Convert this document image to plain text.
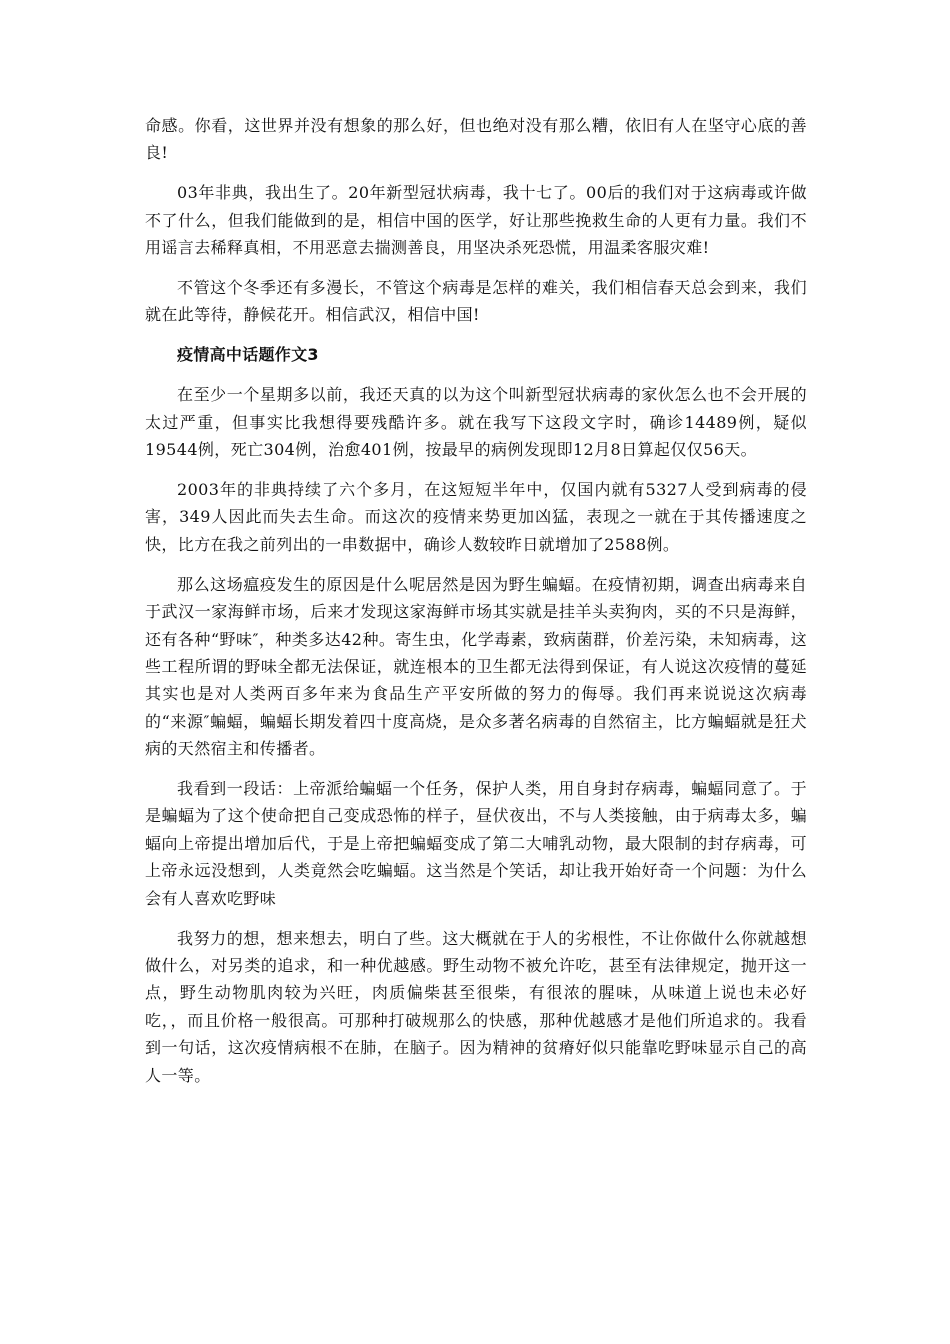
命感。你看，这世界并没有想象的那么好，但也绝对没有那么糟，依旧有人在坚守心底的善良!

03年非典，我出生了。20年新型冠状病毒，我十七了。00后的我们对于这病毒或许做不了什么，但我们能做到的是，相信中国的医学，好让那些挽救生命的人更有力量。我们不用谣言去稀释真相，不用恶意去揣测善良，用坚决杀死恐慌，用温柔客服灾难!

不管这个冬季还有多漫长，不管这个病毒是怎样的难关，我们相信春天总会到来，我们就在此等待，静候花开。相信武汉，相信中国!

疫情高中话题作文3

在至少一个星期多以前，我还天真的以为这个叫新型冠状病毒的家伙怎么也不会开展的太过严重，但事实比我想得要残酷许多。就在我写下这段文字时，确诊14489例，疑似19544例，死亡304例，治愈401例，按最早的病例发现即12月8日算起仅仅56天。

2003年的非典持续了六个多月，在这短短半年中，仅国内就有5327人受到病毒的侵害，349人因此而失去生命。而这次的疫情来势更加凶猛，表现之一就在于其传播速度之快，比方在我之前列出的一串数据中，确诊人数较昨日就增加了2588例。

那么这场瘟疫发生的原因是什么呢居然是因为野生蝙蝠。在疫情初期，调查出病毒来自于武汉一家海鲜市场，后来才发现这家海鲜市场其实就是挂羊头卖狗肉，买的不只是海鲜，还有各种“野味″，种类多达42种。寄生虫，化学毒素，致病菌群，价差污染，未知病毒，这些工程所谓的野味全都无法保证，就连根本的卫生都无法得到保证，有人说这次疫情的蔓延其实也是对人类两百多年来为食品生产平安所做的努力的侮辱。我们再来说说这次病毒的“来源″蝙蝠，蝙蝠长期发着四十度高烧，是众多著名病毒的自然宿主，比方蝙蝠就是狂犬病的天然宿主和传播者。

我看到一段话：上帝派给蝙蝠一个任务，保护人类，用自身封存病毒，蝙蝠同意了。于是蝙蝠为了这个使命把自己变成恐怖的样子，昼伏夜出，不与人类接触，由于病毒太多，蝙蝠向上帝提出增加后代，于是上帝把蝙蝠变成了第二大哺乳动物，最大限制的封存病毒，可上帝永远没想到，人类竟然会吃蝙蝠。这当然是个笑话，却让我开始好奇一个问题：为什么会有人喜欢吃野味

我努力的想，想来想去，明白了些。这大概就在于人的劣根性，不让你做什么你就越想做什么，对另类的追求，和一种优越感。野生动物不被允许吃，甚至有法律规定，抛开这一点，野生动物肌肉较为兴旺，肉质偏柴甚至很柴，有很浓的腥味，从味道上说也未必好吃，，而且价格一般很高。可那种打破规那么的快感，那种优越感才是他们所追求的。我看到一句话，这次疫情病根不在肺，在脑子。因为精神的贫瘠好似只能靠吃野味显示自己的高人一等。
